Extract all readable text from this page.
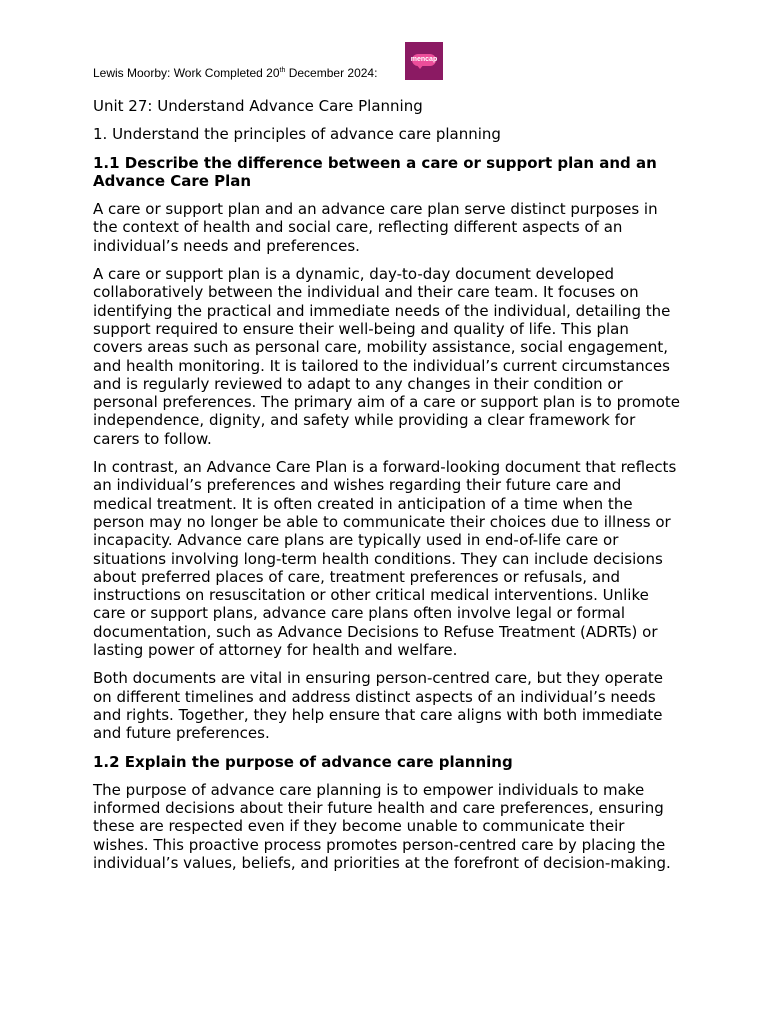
Lewis Moorby: Work Completed 20th December 2024:
mencap

Unit 27: Understand Advance Care Planning

1. Understand the principles of advance care planning

1.1 Describe the difference between a care or support plan and an Advance Care Plan

A care or support plan and an advance care plan serve distinct purposes in the context of health and social care, reflecting different aspects of an individual’s needs and preferences.

A care or support plan is a dynamic, day-to-day document developed collaboratively between the individual and their care team. It focuses on identifying the practical and immediate needs of the individual, detailing the support required to ensure their well-being and quality of life. This plan covers areas such as personal care, mobility assistance, social engagement, and health monitoring. It is tailored to the individual’s current circumstances and is regularly reviewed to adapt to any changes in their condition or personal preferences. The primary aim of a care or support plan is to promote independence, dignity, and safety while providing a clear framework for carers to follow.

In contrast, an Advance Care Plan is a forward-looking document that reflects an individual’s preferences and wishes regarding their future care and medical treatment. It is often created in anticipation of a time when the person may no longer be able to communicate their choices due to illness or incapacity. Advance care plans are typically used in end-of-life care or situations involving long-term health conditions. They can include decisions about preferred places of care, treatment preferences or refusals, and instructions on resuscitation or other critical medical interventions. Unlike care or support plans, advance care plans often involve legal or formal documentation, such as Advance Decisions to Refuse Treatment (ADRTs) or lasting power of attorney for health and welfare.

Both documents are vital in ensuring person-centred care, but they operate on different timelines and address distinct aspects of an individual’s needs and rights. Together, they help ensure that care aligns with both immediate and future preferences.

1.2 Explain the purpose of advance care planning

The purpose of advance care planning is to empower individuals to make informed decisions about their future health and care preferences, ensuring these are respected even if they become unable to communicate their wishes. This proactive process promotes person-centred care by placing the individual’s values, beliefs, and priorities at the forefront of decision-making.
